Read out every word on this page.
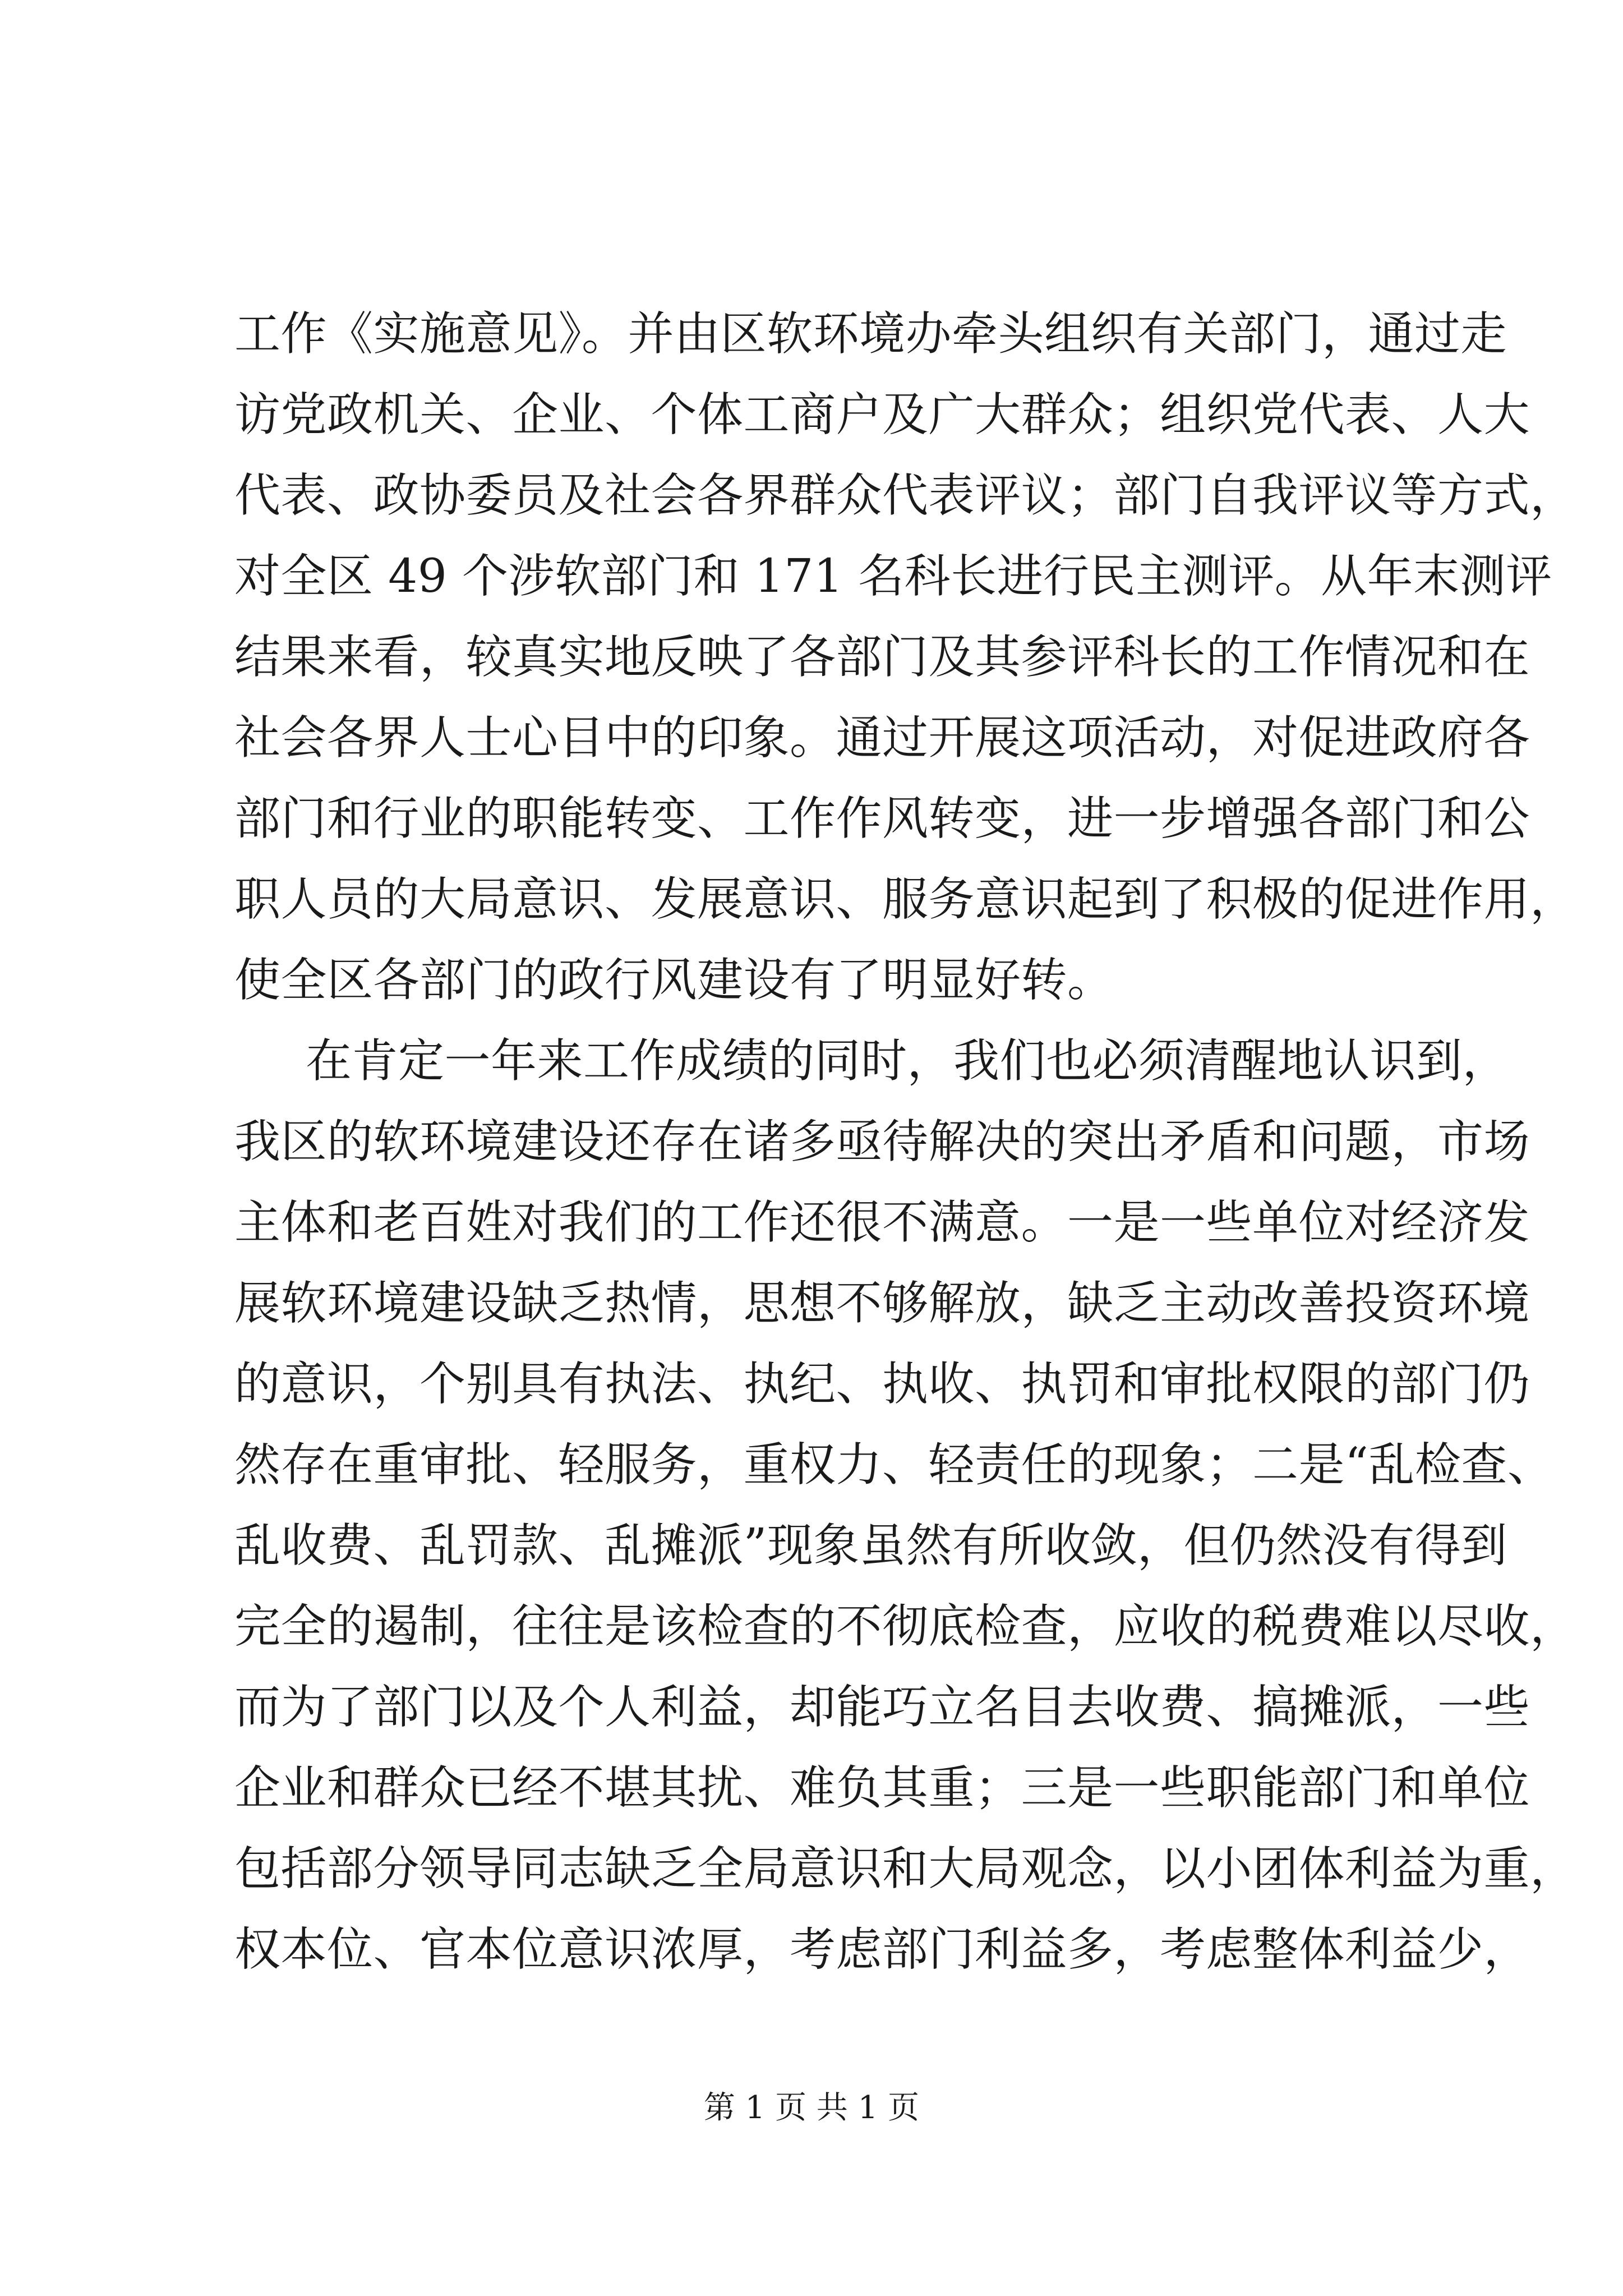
工作《实施意见》。并由区软环境办牵头组织有关部门，通过走
访党政机关、企业、个体工商户及广大群众；组织党代表、人大
代表、政协委员及社会各界群众代表评议；部门自我评议等方式，
对全区 49 个涉软部门和 171 名科长进行民主测评。从年末测评
结果来看，较真实地反映了各部门及其参评科长的工作情况和在
社会各界人士心目中的印象。通过开展这项活动，对促进政府各
部门和行业的职能转变、工作作风转变，进一步增强各部门和公
职人员的大局意识、发展意识、服务意识起到了积极的促进作用，
使全区各部门的政行风建设有了明显好转。
在肯定一年来工作成绩的同时，我们也必须清醒地认识到，
我区的软环境建设还存在诸多亟待解决的突出矛盾和问题，市场
主体和老百姓对我们的工作还很不满意。一是一些单位对经济发
展软环境建设缺乏热情，思想不够解放，缺乏主动改善投资环境
的意识，个别具有执法、执纪、执收、执罚和审批权限的部门仍
然存在重审批、轻服务，重权力、轻责任的现象；二是“乱检查、
乱收费、乱罚款、乱摊派”现象虽然有所收敛，但仍然没有得到
完全的遏制，往往是该检查的不彻底检查，应收的税费难以尽收，
而为了部门以及个人利益，却能巧立名目去收费、搞摊派，一些
企业和群众已经不堪其扰、难负其重；三是一些职能部门和单位
包括部分领导同志缺乏全局意识和大局观念，以小团体利益为重，
权本位、官本位意识浓厚，考虑部门利益多，考虑整体利益少，
第 1 页 共 1 页
